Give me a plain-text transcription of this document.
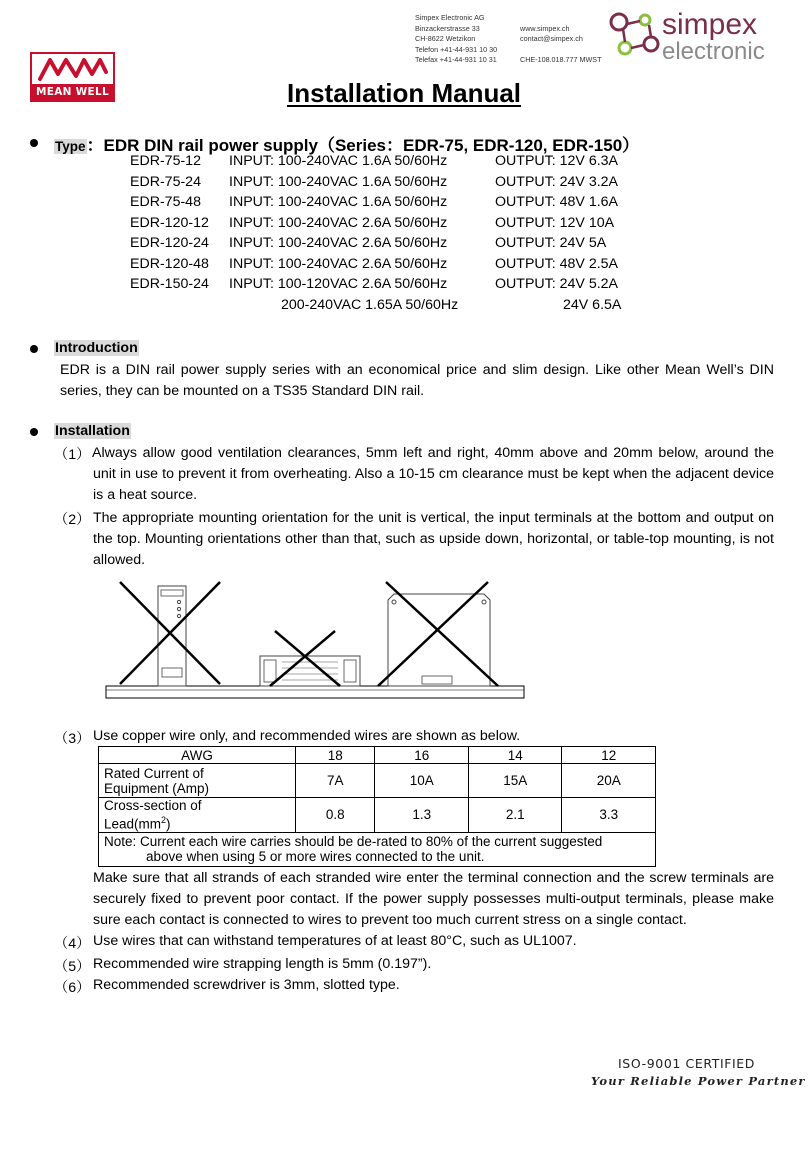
MEAN WELL
Simpex Electronic AG
Binzackerstrasse 33
CH-8622 Wetzikon
Telefon +41-44-931 10 30
Telefax +41-44-931 10 31

www.simpex.ch
contact@simpex.ch

CHE-108.018.777 MWST
simpex
electronic
Installation Manual
Type：EDR DIN rail power supply（Series：EDR-75, EDR-120, EDR-150）
EDR-75-12 INPUT: 100-240VAC 1.6A 50/60Hz	OUTPUT: 12V 6.3A
EDR-75-24 INPUT: 100-240VAC 1.6A 50/60Hz	OUTPUT: 24V 3.2A
EDR-75-48 INPUT: 100-240VAC 1.6A 50/60Hz	OUTPUT: 48V 1.6A
EDR-120-12 INPUT: 100-240VAC 2.6A 50/60Hz	OUTPUT: 12V 10A
EDR-120-24 INPUT: 100-240VAC 2.6A 50/60Hz	OUTPUT: 24V 5A
EDR-120-48 INPUT: 100-240VAC 2.6A 50/60Hz	OUTPUT: 48V 2.5A
EDR-150-24 INPUT: 100-120VAC 2.6A 50/60Hz	OUTPUT: 24V 5.2A
200-240VAC 1.65A 50/60Hz	24V 6.5A
Introduction
EDR is a DIN rail power supply series with an economical price and slim design. Like other Mean Well’s DIN series, they can be mounted on a TS35 Standard DIN rail.
Installation
（1） Always allow good ventilation clearances, 5mm left and right, 40mm above and 20mm below, around the unit in use to prevent it from overheating. Also a 10-15 cm clearance must be kept when the adjacent device is a heat source.
（2） The appropriate mounting orientation for the unit is vertical, the input terminals at the bottom and output on the top. Mounting orientations other than that, such as upside down, horizontal, or table-top mounting, is not allowed.
（3） Use copper wire only, and recommended wires are shown as below.
AWG	18	16	14	12

Rated Current of
Equipment (Amp)	7A	10A	15A	20A

Cross-section of
$Lead(mm^2)$	0.8	1.3	2.1	3.3

Note: Current each wire carries should be de-rated to 80% of the current suggested
above when using 5 or more wires connected to the unit.				
Make sure that all strands of each stranded wire enter the terminal connection and the screw terminals are securely fixed to prevent poor contact. If the power supply possesses multi-output terminals, please make sure each contact is connected to wires to prevent too much current stress on a single contact.
（4） Use wires that can withstand temperatures of at least 80°C, such as UL1007.
（5） Recommended wire strapping length is 5mm (0.197”).
（6） Recommended screwdriver is 3mm, slotted type.
ISO-9001 CERTIFIED
Your Reliable Power Partner
